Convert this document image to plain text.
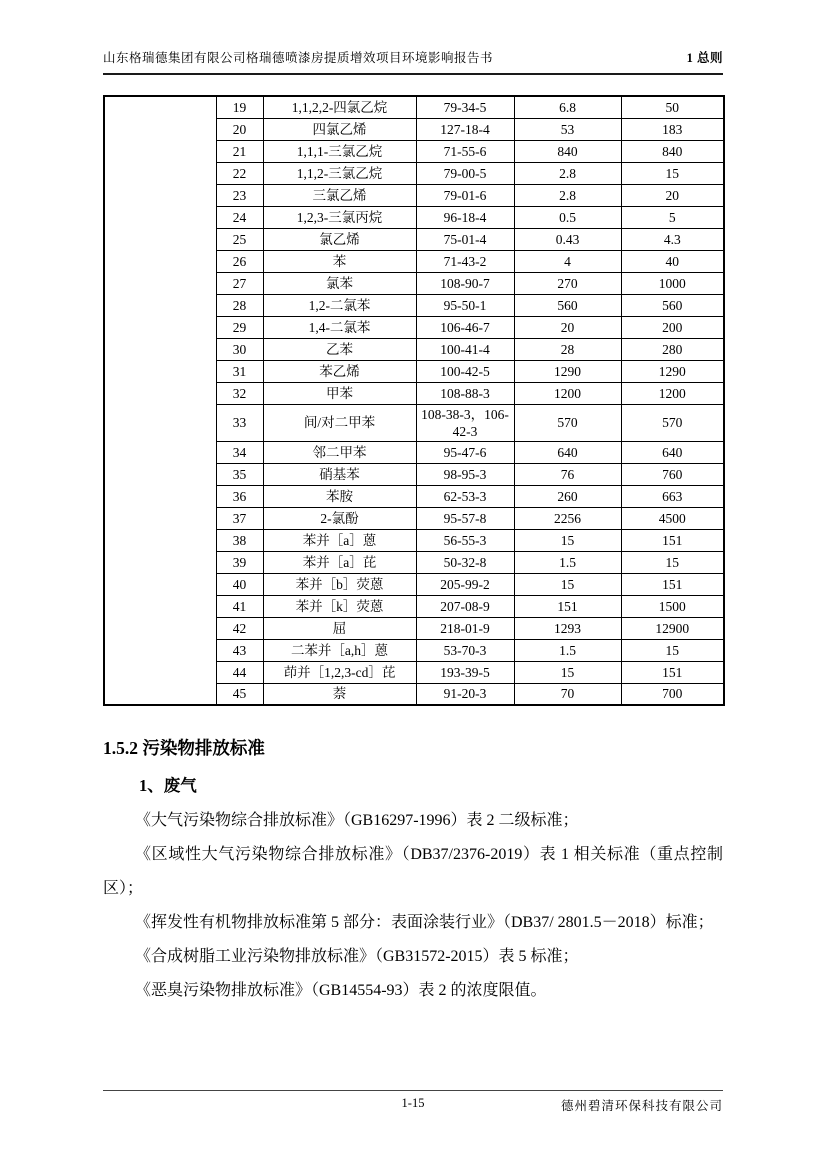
山东格瑞德集团有限公司格瑞德喷漆房提质增效项目环境影响报告书	1 总则
	19	1,1,2,2-四氯乙烷	79-34-5	6.8	50
	20	四氯乙烯	127-18-4	53	183
	21	1,1,1-三氯乙烷	71-55-6	840	840
	22	1,1,2-三氯乙烷	79-00-5	2.8	15
	23	三氯乙烯	79-01-6	2.8	20
	24	1,2,3-三氯丙烷	96-18-4	0.5	5
	25	氯乙烯	75-01-4	0.43	4.3
	26	苯	71-43-2	4	40
	27	氯苯	108-90-7	270	1000
	28	1,2-二氯苯	95-50-1	560	560
	29	1,4-二氯苯	106-46-7	20	200
	30	乙苯	100-41-4	28	280
	31	苯乙烯	100-42-5	1290	1290
	32	甲苯	108-88-3	1200	1200
	33	间/对二甲苯	108-38-3，106-42-3	570	570
	34	邻二甲苯	95-47-6	640	640
	35	硝基苯	98-95-3	76	760
	36	苯胺	62-53-3	260	663
	37	2-氯酚	95-57-8	2256	4500
	38	苯并［a］蒽	56-55-3	15	151
	39	苯并［a］芘	50-32-8	1.5	15
	40	苯并［b］荧蒽	205-99-2	15	151
	41	苯并［k］荧蒽	207-08-9	151	1500
	42	屈	218-01-9	1293	12900
	43	二苯并［a,h］蒽	53-70-3	1.5	15
	44	茚并［1,2,3-cd］芘	193-39-5	15	151
	45	萘	91-20-3	70	700
1.5.2 污染物排放标准
1、废气

《大气污染物综合排放标准》（GB16297-1996）表 2 二级标准；

《区域性大气污染物综合排放标准》（DB37/2376-2019）表 1 相关标准（重点控制区）；

《挥发性有机物排放标准第 5 部分：表面涂装行业》（DB37/ 2801.5－2018）标准；

《合成树脂工业污染物排放标准》（GB31572-2015）表 5 标准；

《恶臭污染物排放标准》（GB14554-93）表 2 的浓度限值。

1-15	德州碧清环保科技有限公司
